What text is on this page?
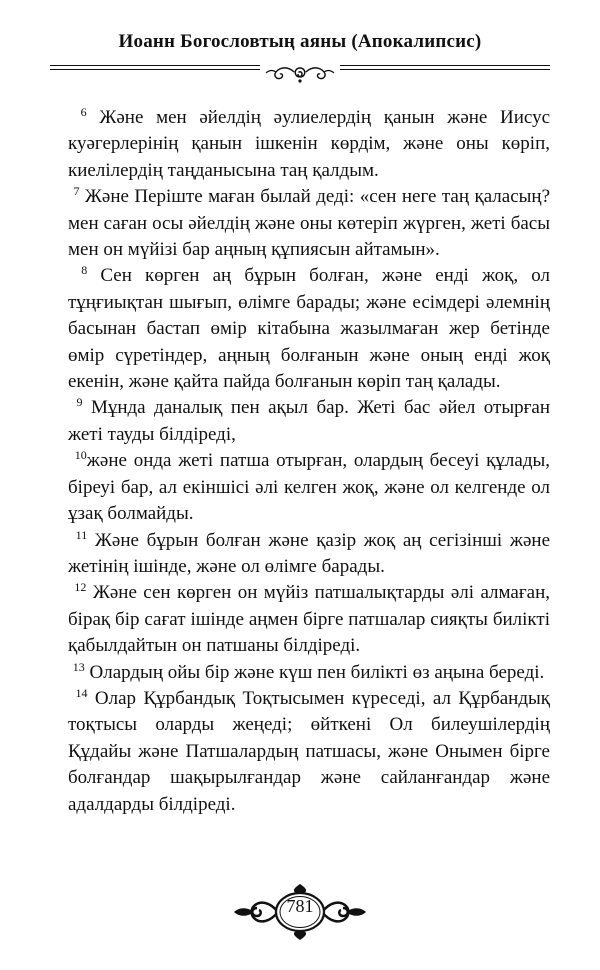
Иоанн Богословтың аяны (Апокалипсис)

$^6$ Және мен әйелдің әулиелердің қанын және Иисус куәгерлерінің қанын ішкенін көрдім, және оны көріп, киелілердің таңданысына таң қалдым.

$^7$ Және Періште маған былай деді: «сен неге таң қаласың? мен саған осы әйелдің және оны көтеріп жүрген, жеті басы мен он мүйізі бар аңның құпиясын айтамын».

$^8$ Сен көрген аң бұрын болған, және енді жоқ, ол тұңғиықтан шығып, өлімге барады; және есімдері әлемнің басынан бастап өмір кітабына жазылмаған жер бетінде өмір сүретіндер, аңның болғанын және оның енді жоқ екенін, және қайта пайда болғанын көріп таң қалады.

$^9$ Мұнда даналық пен ақыл бар. Жеті бас әйел отырған жеті тауды білдіреді,

$^{10}$және онда жеті патша отырған, олардың бесеуі құлады, біреуі бар, ал екіншісі әлі келген жоқ, және ол келгенде ол ұзақ болмайды.

$^{11}$ Және бұрын болған және қазір жоқ аң сегізінші және жетінің ішінде, және ол өлімге барады.

$^{12}$ Және сен көрген он мүйіз патшалықтарды әлі алмаған, бірақ бір сағат ішінде аңмен бірге патшалар сияқты билікті қабылдайтын он патшаны білдіреді.

$^{13}$ Олардың ойы бір және күш пен билікті өз аңына береді.

$^{14}$ Олар Құрбандық Тоқтысымен күреседі, ал Құрбандық тоқтысы оларды жеңеді; өйткені Ол билеушілердің Құдайы және Патшалардың патшасы, және Онымен бірге болғандар шақырылғандар және сайланғандар және адалдарды білдіреді.

781
